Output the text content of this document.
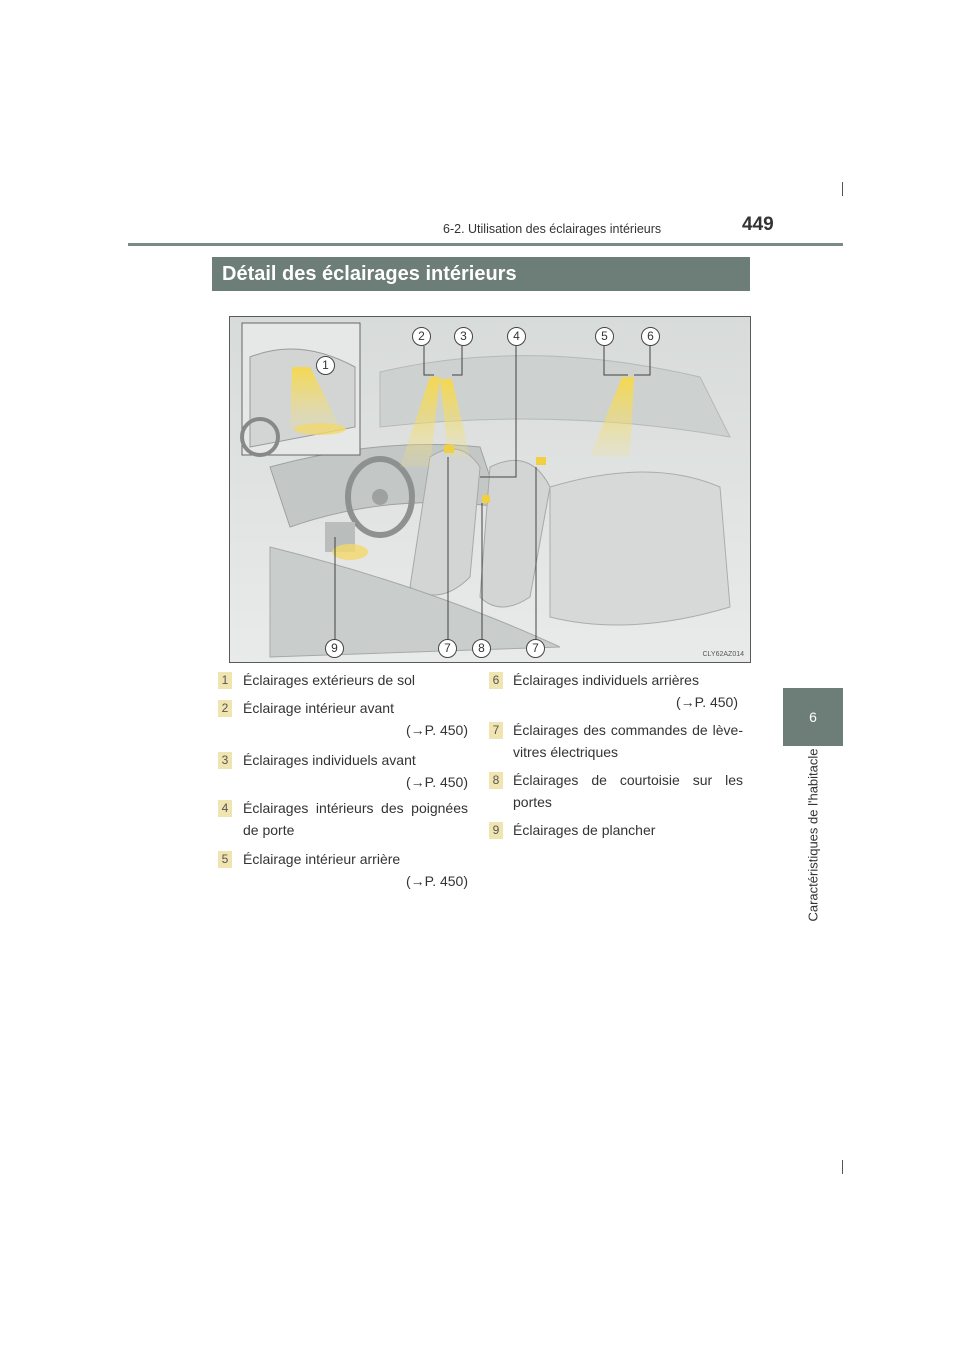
6-2. Utilisation des éclairages intérieurs	449
6
Caractéristiques de l'habitacle
Détail des éclairages intérieurs
1
2	3	4	5	6
9	7	8	7	CLY62AZ014
1 Éclairages extérieurs de sol
2 Éclairage intérieur avant
(→P. 450)
3 Éclairages individuels avant
(→P. 450)
4 Éclairages intérieurs des poignées de porte
5 Éclairage intérieur arrière
(→P. 450)
6 Éclairages individuels arrières
(→P. 450)
7 Éclairages des commandes de lève-vitres électriques
8 Éclairages de courtoisie sur les portes
9 Éclairages de plancher
